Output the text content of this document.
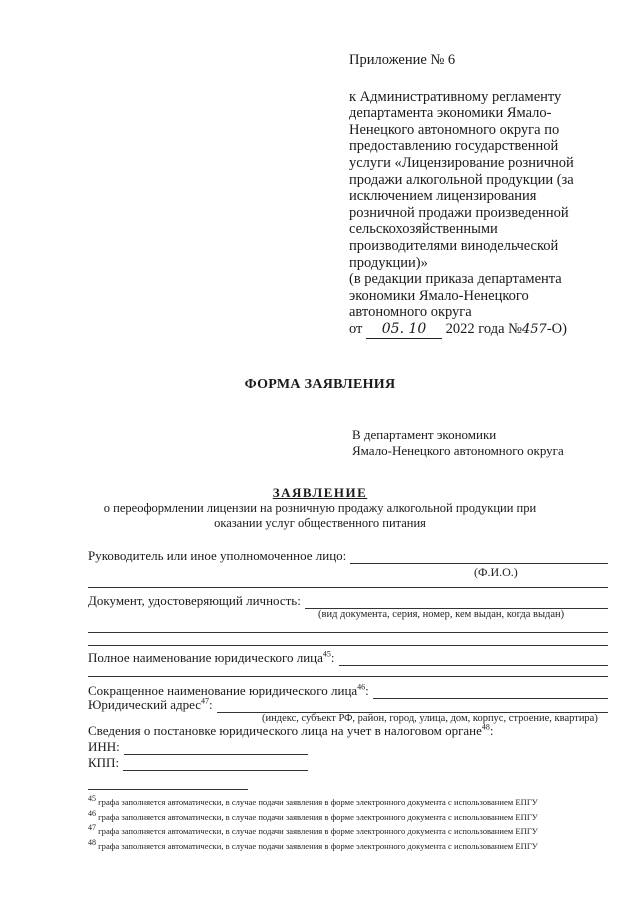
Приложение № 6
к Административному регламенту департамента экономики Ямало-Ненецкого автономного округа по предоставлению государственной услуги «Лицензирование розничной продажи алкогольной продукции (за исключением лицензирования розничной продажи произведенной сельскохозяйственными производителями винодельческой продукции)»
(в редакции приказа департамента экономики Ямало-Ненецкого автономного округа
от 05. 10 2022 года №457-О)
ФОРМА ЗАЯВЛЕНИЯ
В департамент экономики
Ямало-Ненецкого автономного округа
ЗАЯВЛЕНИЕ
о переоформлении лицензии на розничную продажу алкогольной продукции при оказании услуг общественного питания
Руководитель или иное уполномоченное лицо:
(Ф.И.О.)
Документ, удостоверяющий личность:
(вид документа, серия, номер, кем выдан, когда выдан)
Полное наименование юридического лица$^{45}$:
Сокращенное наименование юридического лица$^{46}$:
Юридический адрес$^{47}$:
(индекс, субъект РФ, район, город, улица, дом, корпус, строение, квартира)
Сведения о постановке юридического лица на учет в налоговом органе$^{48}$:
ИНН:
КПП:
$^{45}$ графа заполняется автоматически, в случае подачи заявления в форме электронного документа с использованием ЕПГУ
$^{46}$ графа заполняется автоматически, в случае подачи заявления в форме электронного документа с использованием ЕПГУ
$^{47}$ графа заполняется автоматически, в случае подачи заявления в форме электронного документа с использованием ЕПГУ
$^{48}$ графа заполняется автоматически, в случае подачи заявления в форме электронного документа с использованием ЕПГУ
